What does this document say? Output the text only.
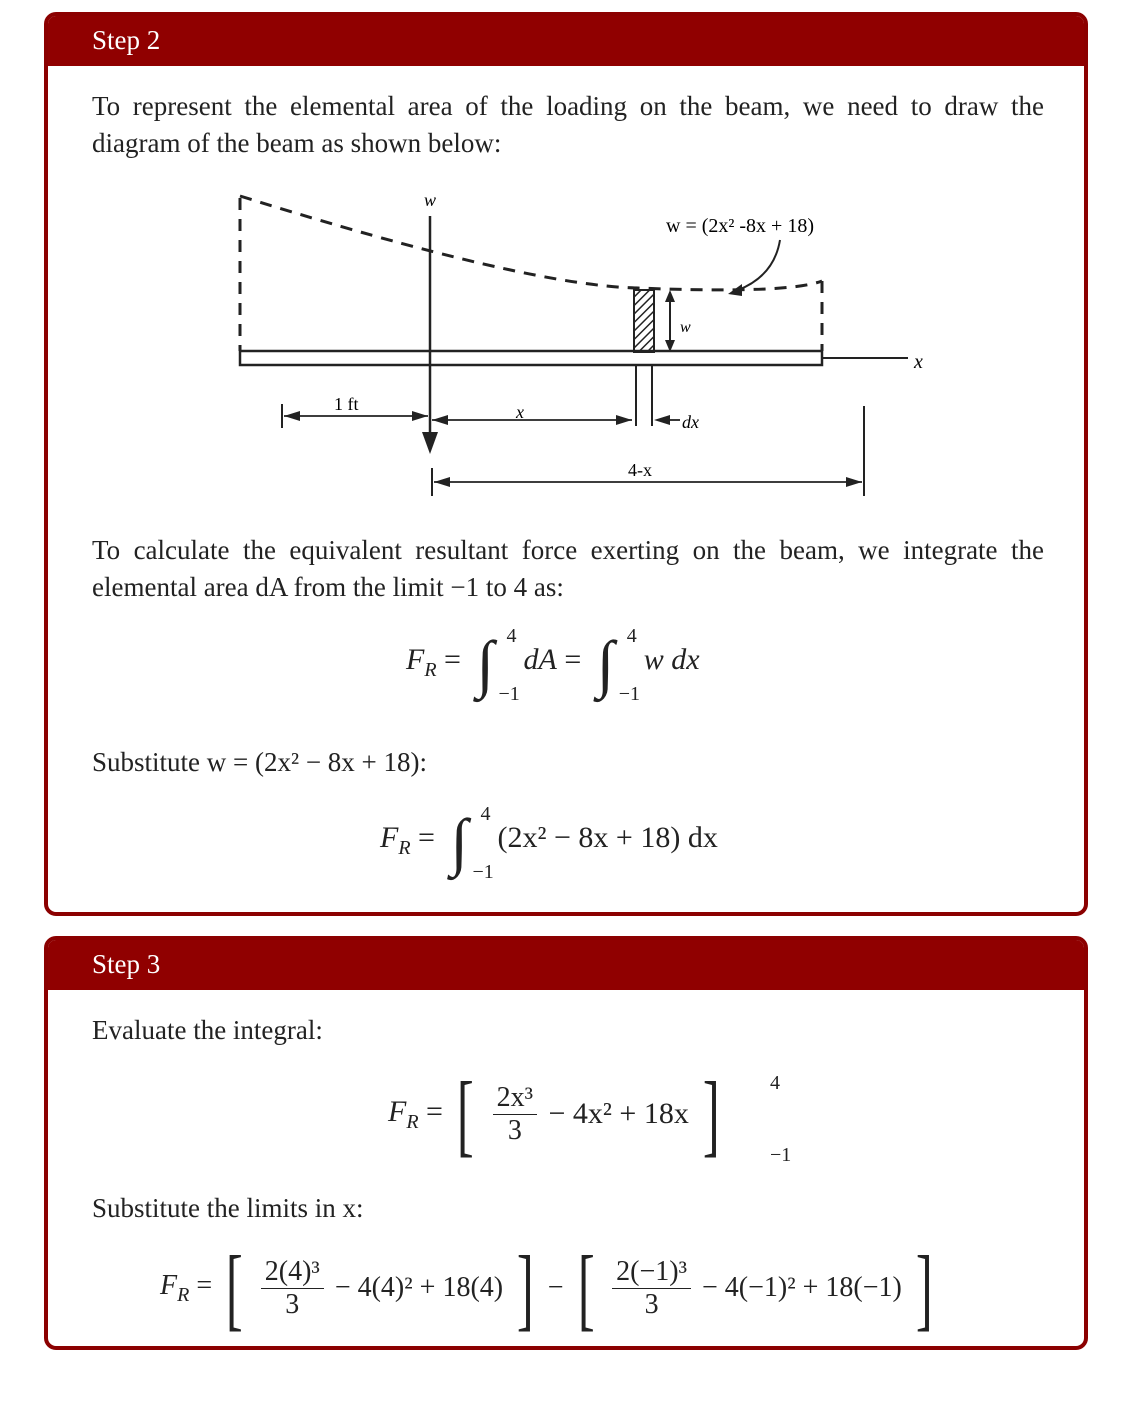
Step 2
To represent the elemental area of the loading on the beam, we need to draw the diagram of the beam as shown below:
x
w
w
w = (2x² -8x + 18)
1 ft	x	dx
4-x
To calculate the equivalent resultant force exerting on the beam, we integrate the elemental area dA from the limit −1 to 4 as:
$F_R$ = ∫ 4
−1
dA = ∫ 4
−1
w dx
Substitute w = (2x² − 8x + 18):
$F_R$ = ∫ 4
−1
(2x² − 8x + 18) dx
Step 3
Evaluate the integral:
$F_R$ = [ $\frac{\text{2x³}}{3} - 4x^2 + 18x$ ] 4
−1
Substitute the limits in x:
$F_R$ = [ $\frac{\text{2(4)³}}{3} - 4(4)^2 + 18(4)$ ] − [ $\frac{\text{2(−1)³}}{3} - 4(-1)^2 + 18(-1)$ ]
